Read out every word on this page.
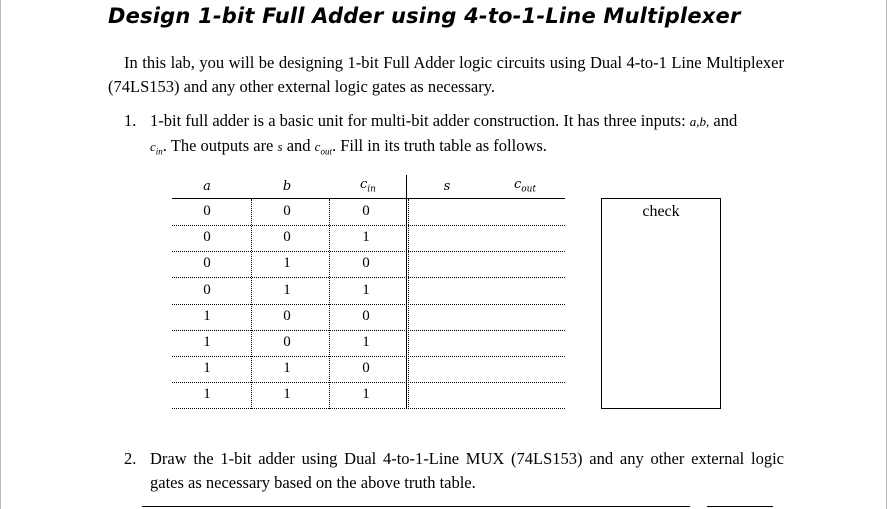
Design 1-bit Full Adder using 4-to-1-Line Multiplexer

In this lab, you will be designing 1-bit Full Adder logic circuits using Dual 4-to-1 Line Multiplexer (74LS153) and any other external logic gates as necessary.

1. 1-bit full adder is a basic unit for multi-bit adder construction. It has three inputs: a,b, and
$c_{in}$. The outputs are s and $c_{out}$. Fill in its truth table as follows.
a	b	$c_{in}$	s	$c_{out}$
0	0	0
0	0	1
0	1	0
0	1	1
1	0	0
1	0	1
1	1	0
1	1	1
check
2. Draw the 1-bit adder using Dual 4-to-1-Line MUX (74LS153) and any other external logic gates as necessary based on the above truth table.
